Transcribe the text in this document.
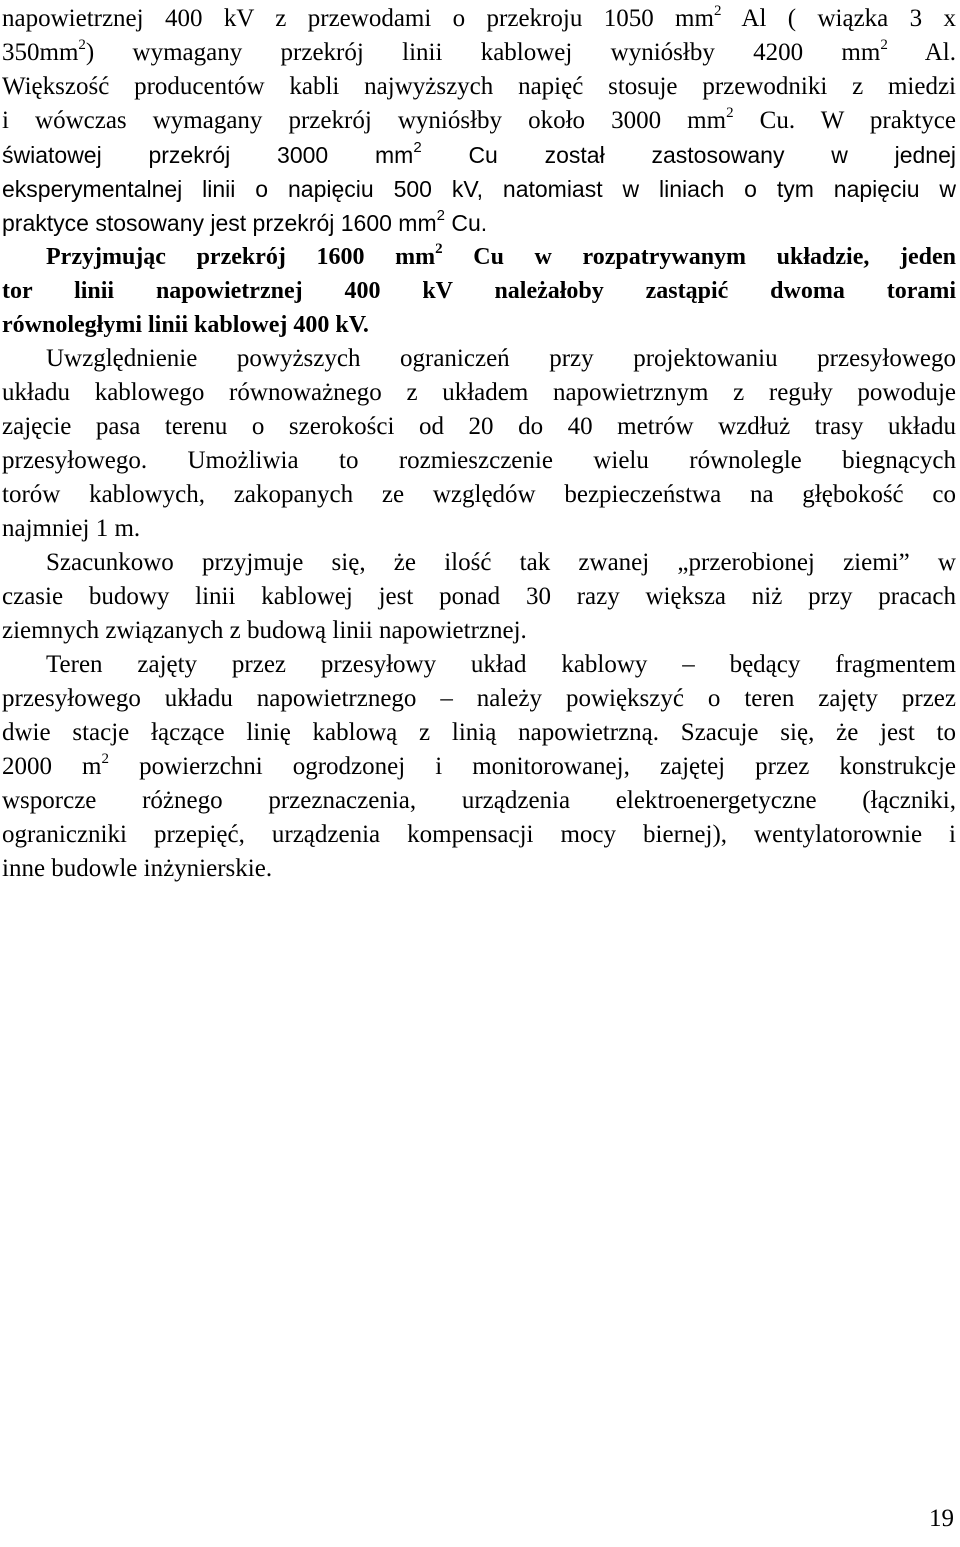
napowietrznej 400 kV z przewodami o przekroju 1050 $mm^2$ Al ( wiązka 3 x
$350mm^2$) wymagany przekrój linii kablowej wyniósłby 4200 $mm^2$ Al.
Większość producentów kabli najwyższych napięć stosuje przewodniki z miedzi
i wówczas wymagany przekrój wyniósłby około 3000 $mm^2$ Cu. W praktyce
światowej przekrój 3000 $mm^2$ Cu został zastosowany w jednej
eksperymentalnej linii o napięciu 500 kV, natomiast w liniach o tym napięciu w
praktyce stosowany jest przekrój 1600 $mm^2$ Cu.
Przyjmując przekrój 1600 $mm^2$ Cu w rozpatrywanym układzie, jeden
tor linii napowietrznej 400 kV należałoby zastąpić dwoma torami
równoległymi linii kablowej 400 kV.
Uwzględnienie powyższych ograniczeń przy projektowaniu przesyłowego
układu kablowego równoważnego z układem napowietrznym z reguły powoduje
zajęcie pasa terenu o szerokości od 20 do 40 metrów wzdłuż trasy układu
przesyłowego. Umożliwia to rozmieszczenie wielu równolegle biegnących
torów kablowych, zakopanych ze względów bezpieczeństwa na głębokość co
najmniej 1 m.
Szacunkowo przyjmuje się, że ilość tak zwanej „przerobionej ziemi” w
czasie budowy linii kablowej jest ponad 30 razy większa niż przy pracach
ziemnych związanych z budową linii napowietrznej.
Teren zajęty przez przesyłowy układ kablowy – będący fragmentem
przesyłowego układu napowietrznego – należy powiększyć o teren zajęty przez
dwie stacje łączące linię kablową z linią napowietrzną. Szacuje się, że jest to
2000 $m^2$ powierzchni ogrodzonej i monitorowanej, zajętej przez konstrukcje
wsporcze różnego przeznaczenia, urządzenia elektroenergetyczne (łączniki,
ograniczniki przepięć, urządzenia kompensacji mocy biernej), wentylatorownie i
inne budowle inżynierskie.
19
